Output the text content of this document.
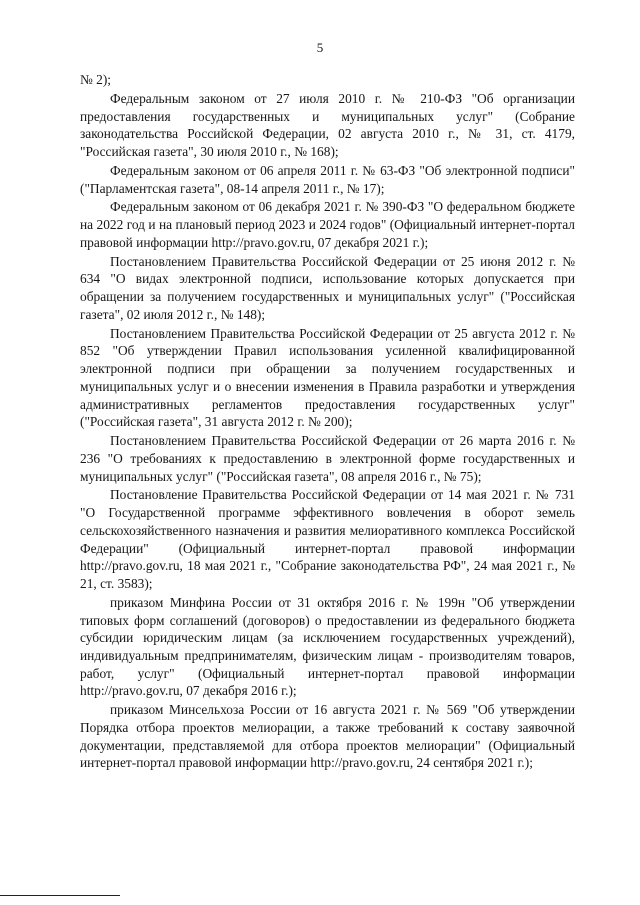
5

№ 2);

Федеральным законом от 27 июля 2010 г. № 210-ФЗ "Об организации предоставления государственных и муниципальных услуг" (Собрание законодательства Российской Федерации, 02 августа 2010 г., № 31, ст. 4179, "Российская газета", 30 июля 2010 г., № 168);

Федеральным законом от 06 апреля 2011 г. № 63-ФЗ "Об электронной подписи" ("Парламентская газета", 08-14 апреля 2011 г., № 17);

Федеральным законом от 06 декабря 2021 г. № 390-ФЗ "О федеральном бюджете на 2022 год и на плановый период 2023 и 2024 годов" (Официальный интернет-портал правовой информации http://pravo.gov.ru, 07 декабря 2021 г.);

Постановлением Правительства Российской Федерации от 25 июня 2012 г. № 634 "О видах электронной подписи, использование которых допускается при обращении за получением государственных и муниципальных услуг" ("Российская газета", 02 июля 2012 г., № 148);

Постановлением Правительства Российской Федерации от 25 августа 2012 г. № 852 "Об утверждении Правил использования усиленной квалифицированной электронной подписи при обращении за получением государственных и муниципальных услуг и о внесении изменения в Правила разработки и утверждения административных регламентов предоставления государственных услуг" ("Российская газета", 31 августа 2012 г. № 200);

Постановлением Правительства Российской Федерации от 26 марта 2016 г. № 236 "О требованиях к предоставлению в электронной форме государственных и муниципальных услуг" ("Российская газета", 08 апреля 2016 г., № 75);

Постановление Правительства Российской Федерации от 14 мая 2021 г. № 731 "О Государственной программе эффективного вовлечения в оборот земель сельскохозяйственного назначения и развития мелиоративного комплекса Российской Федерации" (Официальный интернет-портал правовой информации http://pravo.gov.ru, 18 мая 2021 г., "Собрание законодательства РФ", 24 мая 2021 г., № 21, ст. 3583);

приказом Минфина России от 31 октября 2016 г. № 199н "Об утверждении типовых форм соглашений (договоров) о предоставлении из федерального бюджета субсидии юридическим лицам (за исключением государственных учреждений), индивидуальным предпринимателям, физическим лицам - производителям товаров, работ, услуг" (Официальный интернет-портал правовой информации http://pravo.gov.ru, 07 декабря 2016 г.);

приказом Минсельхоза России от 16 августа 2021 г. № 569 "Об утверждении Порядка отбора проектов мелиорации, а также требований к составу заявочной документации, представляемой для отбора проектов мелиорации" (Официальный интернет-портал правовой информации http://pravo.gov.ru, 24 сентября 2021 г.);
